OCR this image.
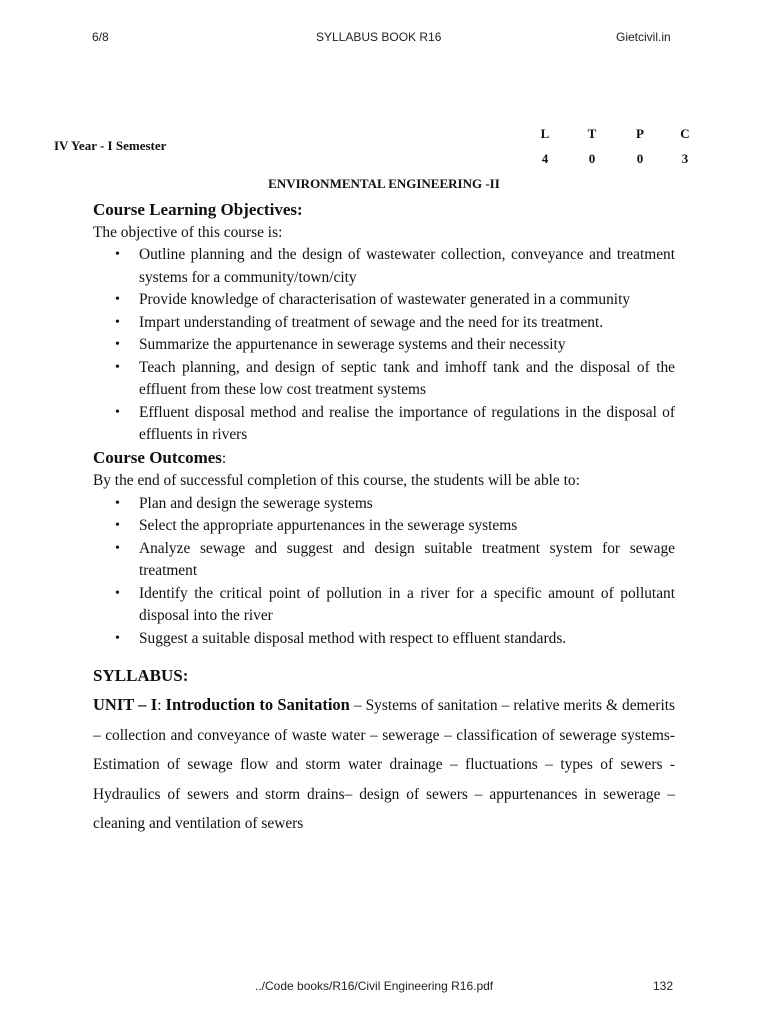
6/8	SYLLABUS BOOK R16	Gietcivil.in
IV Year - I Semester
L	T	P	C
4	0	0	3
ENVIRONMENTAL ENGINEERING -II
Course Learning Objectives:

The objective of this course is:

• Outline planning and the design of wastewater collection, conveyance and treatment systems for a community/town/city
• Provide knowledge of characterisation of wastewater generated in a community
• Impart understanding of treatment of sewage and the need for its treatment.
• Summarize the appurtenance in sewerage systems and their necessity
• Teach planning, and design of septic tank and imhoff tank and the disposal of the effluent from these low cost treatment systems
• Effluent disposal method and realise the importance of regulations in the disposal of effluents in rivers
Course Outcomes:

By the end of successful completion of this course, the students will be able to:

• Plan and design the sewerage systems
• Select the appropriate appurtenances in the sewerage systems
• Analyze sewage and suggest and design suitable treatment system for sewage treatment
• Identify the critical point of pollution in a river for a specific amount of pollutant disposal into the river
• Suggest a suitable disposal method with respect to effluent standards.
SYLLABUS:

UNIT – I: Introduction to Sanitation – Systems of sanitation – relative merits & demerits – collection and conveyance of waste water – sewerage – classification of sewerage systems- Estimation of sewage flow and storm water drainage – fluctuations – types of sewers - Hydraulics of sewers and storm drains– design of sewers – appurtenances in sewerage – cleaning and ventilation of sewers

../Code books/R16/Civil Engineering R16.pdf	132
